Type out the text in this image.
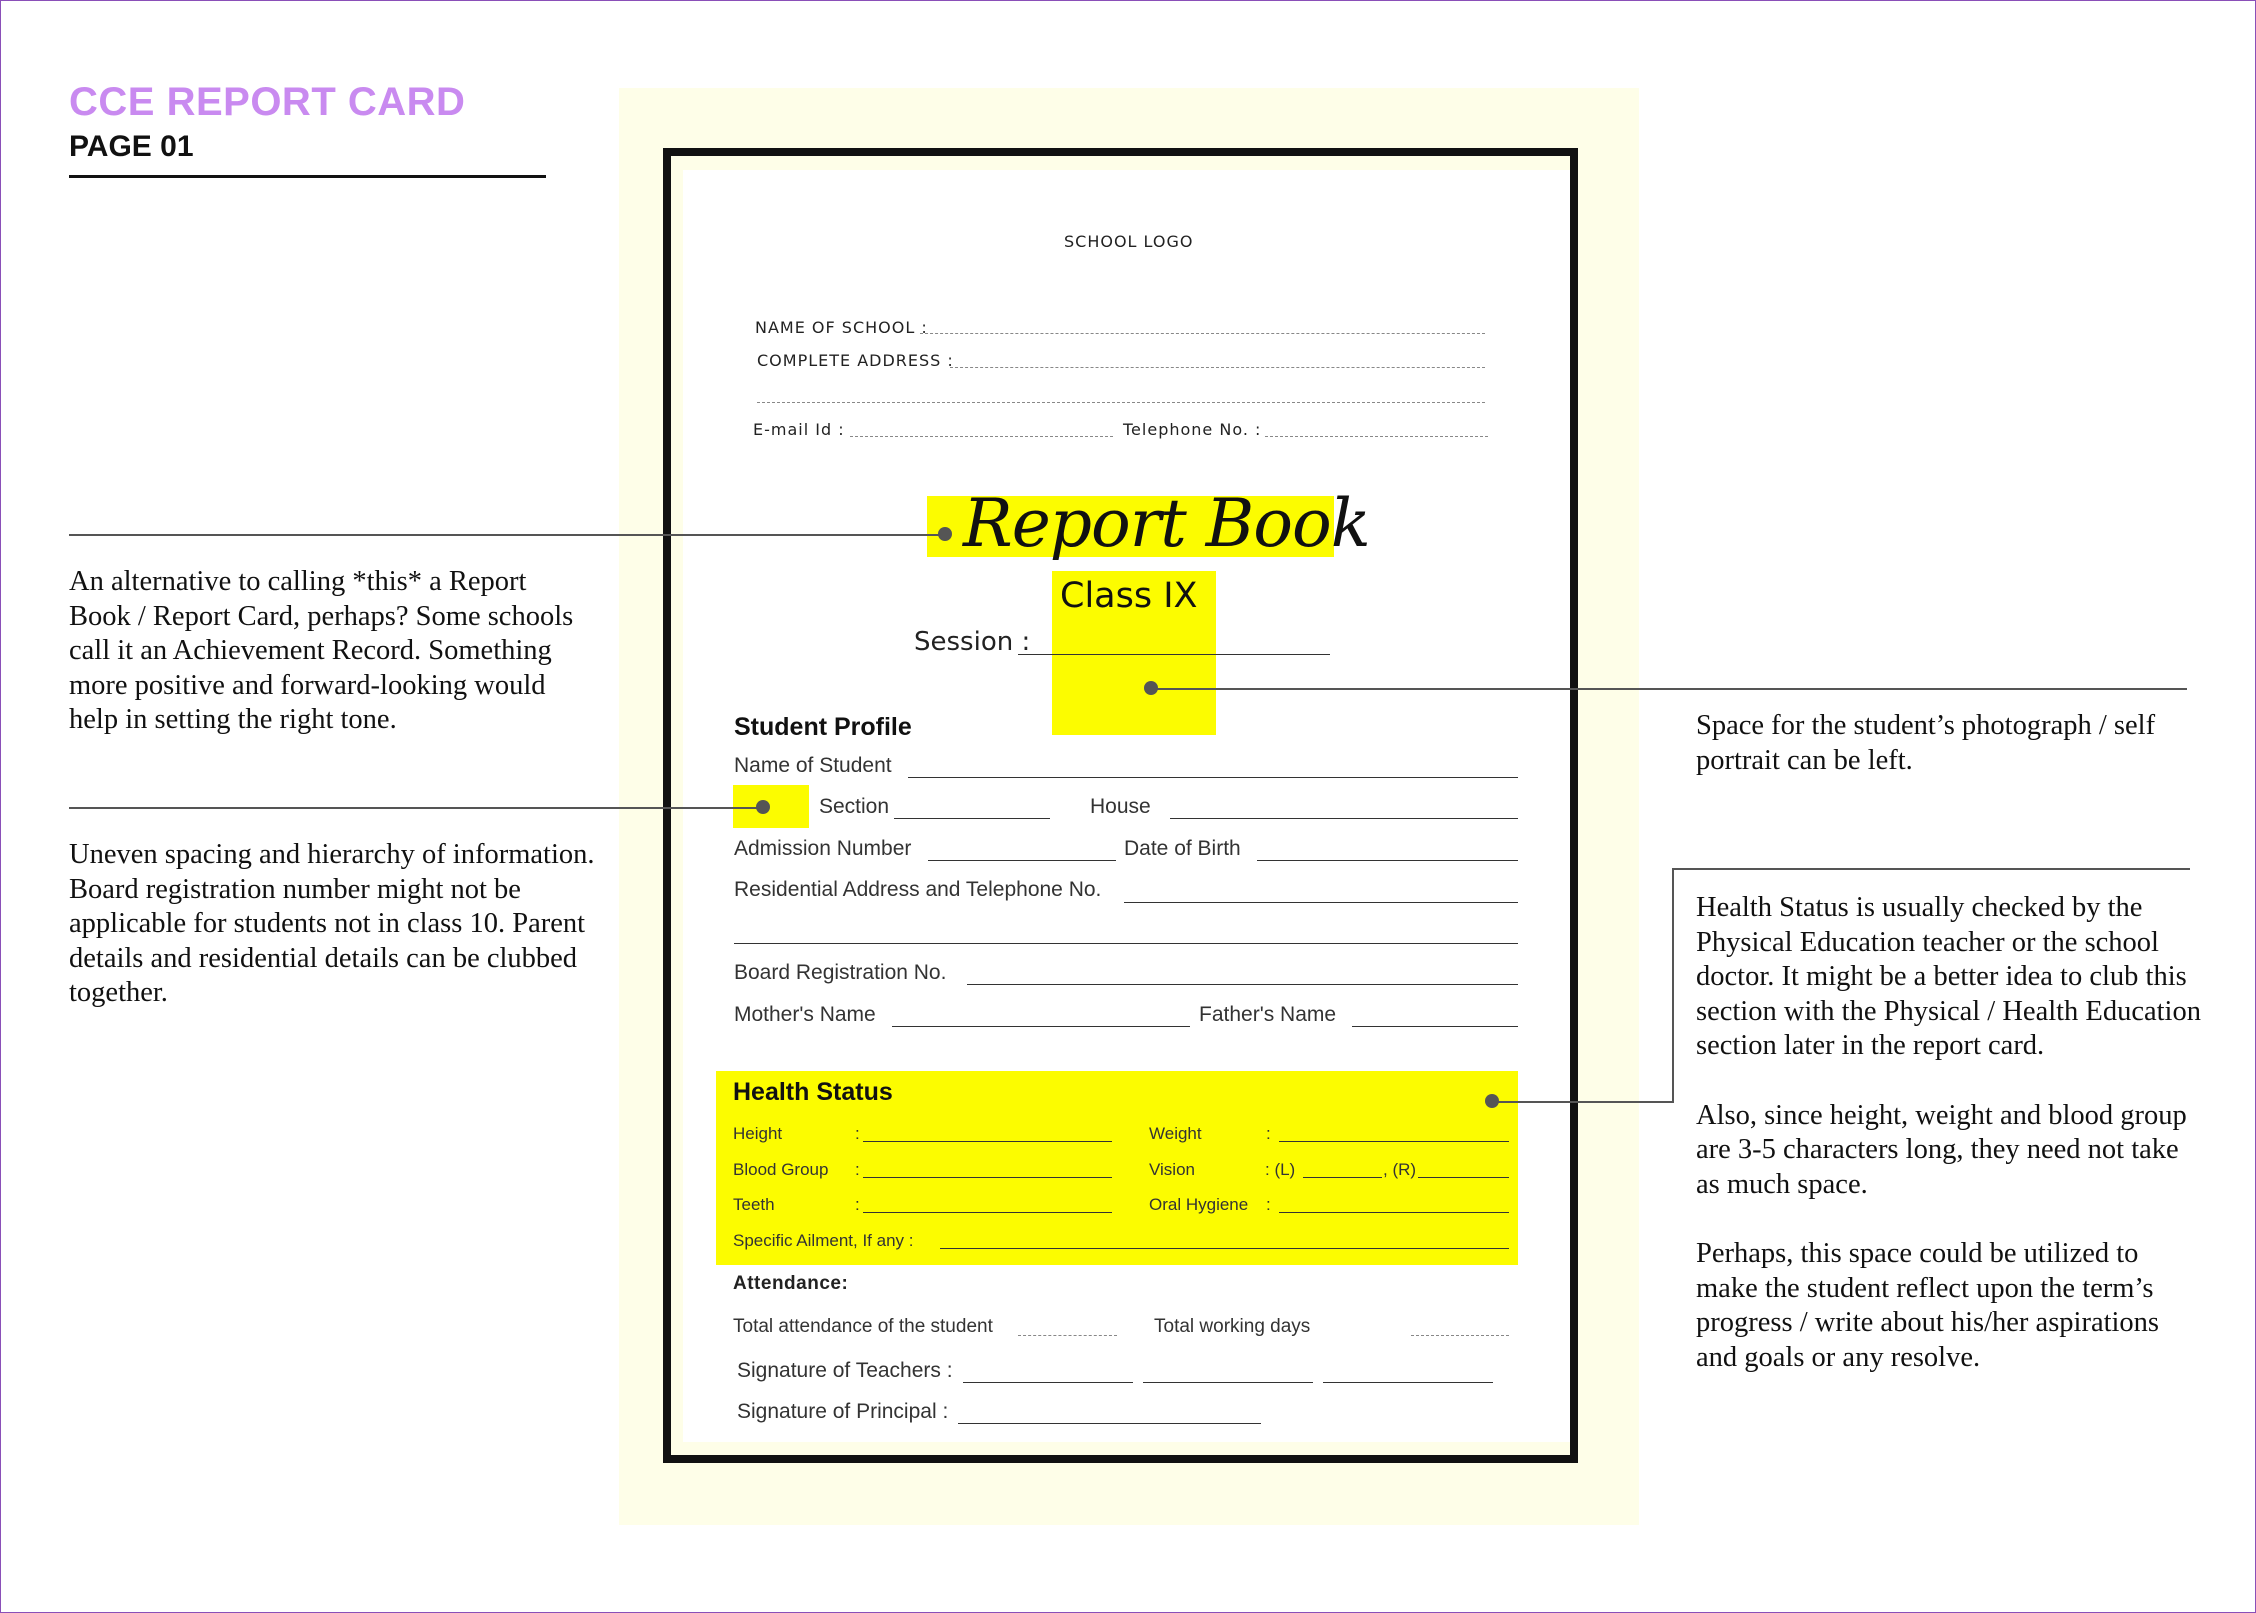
CCE REPORT CARD
PAGE 01

An alternative to calling *this* a Report Book / Report Card, perhaps? Some schools call it an Achievement Record. Something more positive and forward-looking would help in setting the right tone.

Uneven spacing and hierarchy of information. Board registration number might not be applicable for students not in class 10. Parent details and residential details can be clubbed together.

Space for the student’s photograph / self portrait can be left.

Health Status is usually checked by the Physical Education teacher or the school doctor. It might be a better idea to club this section with the Physical / Health Education section later in the report card.

Also, since height, weight and blood group are 3-5 characters long, they need not take as much space.

Perhaps, this space could be utilized to make the student reflect upon the term’s progress / write about his/her aspirations and goals or any resolve.

SCHOOL LOGO
NAME OF SCHOOL :
COMPLETE ADDRESS :
E-mail Id :	Telephone No. :
Report Book
Class IX
Session :
Student Profile
Name of Student
Section	House
Admission Number	Date of Birth
Residential Address and Telephone No.
Board Registration No.
Mother's Name	Father's Name
Health Status
Height	:	Weight	:
Blood Group :	Vision	: (L)	, (R)
Teeth	:	Oral Hygiene :
Specific Ailment, If any :
Attendance:
Total attendance of the student	Total working days
Signature of Teachers :
Signature of Principal :
